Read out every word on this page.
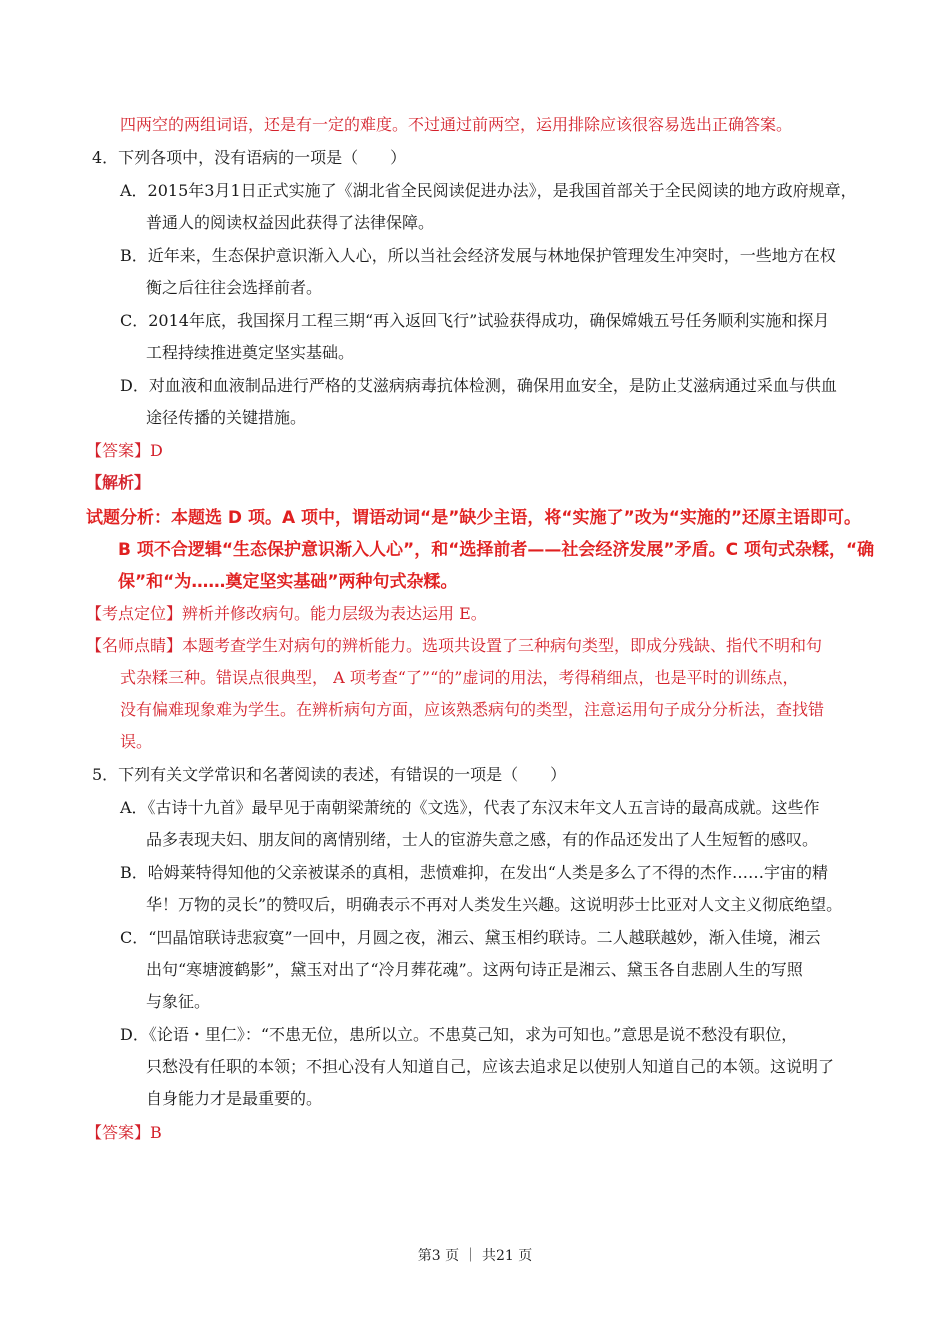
四两空的两组词语，还是有一定的难度。不过通过前两空，运用排除应该很容易选出正确答案。
4．下列各项中，没有语病的一项是（　　）
A．2015年3月1日正式实施了《湖北省全民阅读促进办法》，是我国首部关于全民阅读的地方政府规章，
普通人的阅读权益因此获得了法律保障。
B．近年来，生态保护意识渐入人心，所以当社会经济发展与林地保护管理发生冲突时，一些地方在权
衡之后往往会选择前者。
C．2014年底，我国探月工程三期“再入返回飞行”试验获得成功，确保嫦娥五号任务顺利实施和探月
工程持续推进奠定坚实基础。
D．对血液和血液制品进行严格的艾滋病病毒抗体检测，确保用血安全，是防止艾滋病通过采血与供血
途径传播的关键措施。
【答案】D
【解析】
试题分析：本题选 D 项。A 项中，谓语动词“是”缺少主语，将“实施了”改为“实施的”还原主语即可。
B 项不合逻辑“生态保护意识渐入人心”，和“选择前者——社会经济发展”矛盾。C 项句式杂糅，“确
保”和“为……奠定坚实基础”两种句式杂糅。
【考点定位】辨析并修改病句。能力层级为表达运用 E。
【名师点睛】本题考查学生对病句的辨析能力。选项共设置了三种病句类型，即成分残缺、指代不明和句
式杂糅三种。错误点很典型， A 项考查“了”“的”虚词的用法，考得稍细点，也是平时的训练点，
没有偏难现象难为学生。在辨析病句方面，应该熟悉病句的类型，注意运用句子成分分析法，查找错
误。
5．下列有关文学常识和名著阅读的表述，有错误的一项是（　　）
A．《古诗十九首》最早见于南朝梁萧统的《文选》，代表了东汉末年文人五言诗的最高成就。这些作
品多表现夫妇、朋友间的离情别绪，士人的宦游失意之感，有的作品还发出了人生短暂的感叹。
B．哈姆莱特得知他的父亲被谋杀的真相，悲愤难抑，在发出“人类是多么了不得的杰作……宇宙的精
华！万物的灵长”的赞叹后，明确表示不再对人类发生兴趣。这说明莎士比亚对人文主义彻底绝望。
C．“凹晶馆联诗悲寂寞”一回中，月圆之夜，湘云、黛玉相约联诗。二人越联越妙，渐入佳境，湘云
出句“寒塘渡鹤影”，黛玉对出了“冷月葬花魂”。这两句诗正是湘云、黛玉各自悲剧人生的写照
与象征。
D．《论语・里仁》：“不患无位，患所以立。不患莫己知，求为可知也。”意思是说不愁没有职位，
只愁没有任职的本领；不担心没有人知道自己，应该去追求足以使别人知道自己的本领。这说明了
自身能力才是最重要的。
【答案】B
第3 页 ｜ 共21 页
